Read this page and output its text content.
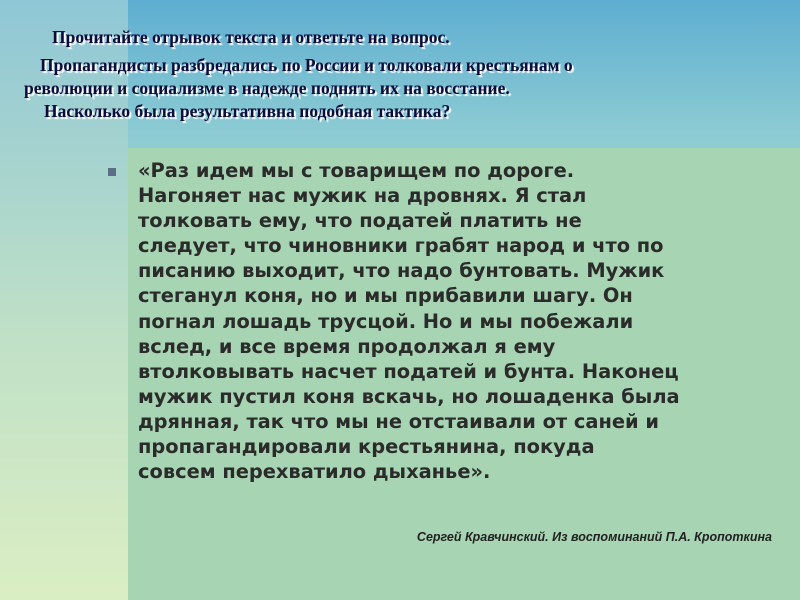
Прочитайте отрывок текста и ответьте на вопрос.

Пропагандисты разбредались по России и толковали крестьянам о

революции и социализме в надежде поднять их на восстание.

Насколько была результативна подобная тактика?

«Раз идем мы с товарищем по дороге.
Нагоняет нас мужик на дровнях. Я стал
толковать ему, что податей платить не
следует, что чиновники грабят народ и что по
писанию выходит, что надо бунтовать. Мужик
стеганул коня, но и мы прибавили шагу. Он
погнал лошадь трусцой. Но и мы побежали
вслед, и все время продолжал я ему
втолковывать насчет податей и бунта. Наконец
мужик пустил коня вскачь, но лошаденка была
дрянная, так что мы не отстаивали от саней и
пропагандировали крестьянина, покуда
совсем перехватило дыханье».

Сергей Кравчинский. Из воспоминаний П.А. Кропоткина
